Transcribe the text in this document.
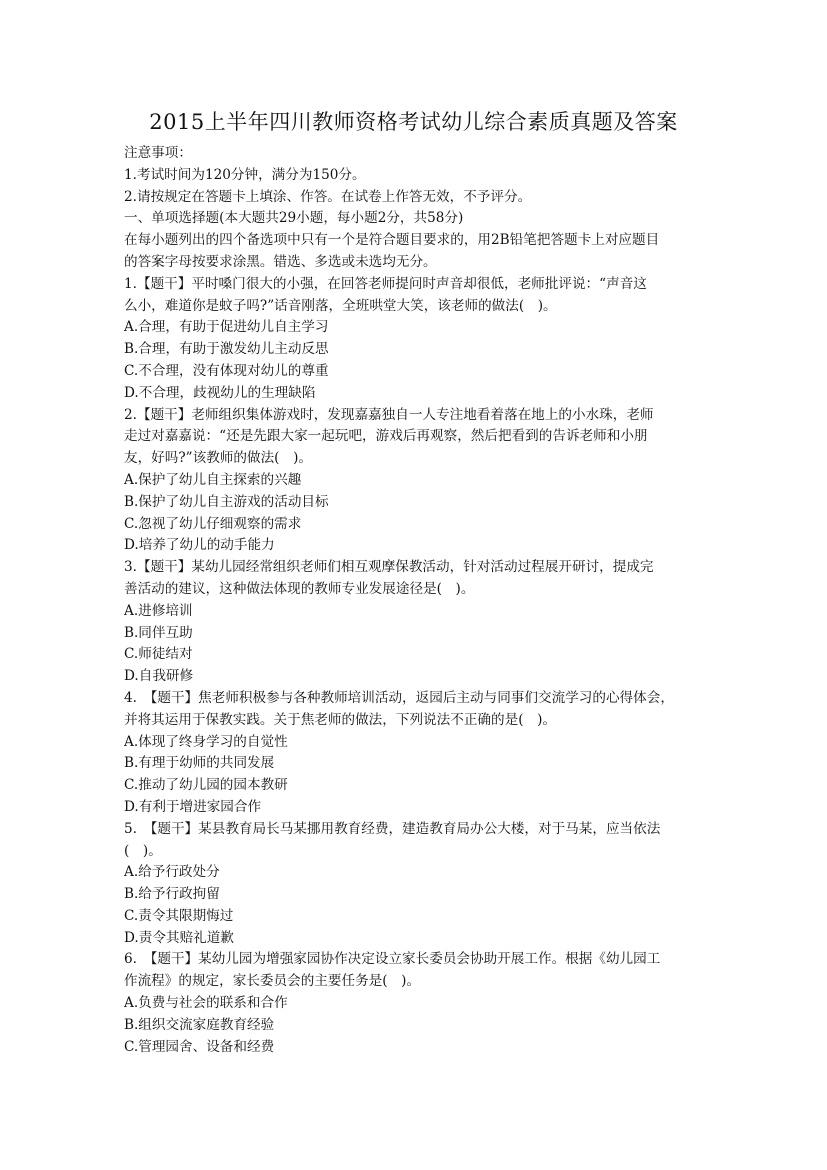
2015上半年四川教师资格考试幼儿综合素质真题及答案
注意事项：
1.考试时间为120分钟，满分为150分。
2.请按规定在答题卡上填涂、作答。在试卷上作答无效，不予评分。
一、单项选择题(本大题共29小题，每小题2分，共58分)
在每小题列出的四个备选项中只有一个是符合题目要求的，用2B铅笔把答题卡上对应题目
的答案字母按要求涂黑。错选、多选或未选均无分。
1.【题干】平时嗓门很大的小强，在回答老师提问时声音却很低，老师批评说：“声音这
么小，难道你是蚊子吗?”话音刚落，全班哄堂大笑，该老师的做法(　)。
A.合理，有助于促进幼儿自主学习
B.合理，有助于激发幼儿主动反思
C.不合理，没有体现对幼儿的尊重
D.不合理，歧视幼儿的生理缺陷
2.【题干】老师组织集体游戏时，发现嘉嘉独自一人专注地看着落在地上的小水珠，老师
走过对嘉嘉说：“还是先跟大家一起玩吧，游戏后再观察，然后把看到的告诉老师和小朋
友，好吗?”该教师的做法(　)。
A.保护了幼儿自主探索的兴趣
B.保护了幼儿自主游戏的活动目标
C.忽视了幼儿仔细观察的需求
D.培养了幼儿的动手能力
3.【题干】某幼儿园经常组织老师们相互观摩保教活动，针对活动过程展开研讨，提成完
善活动的建议，这种做法体现的教师专业发展途径是(　)。
A.进修培训
B.同伴互助
C.师徒结对
D.自我研修
4.　【题干】焦老师积极参与各种教师培训活动，返园后主动与同事们交流学习的心得体会，
并将其运用于保教实践。关于焦老师的做法，下列说法不正确的是(　)。
A.体现了终身学习的自觉性
B.有理于幼师的共同发展
C.推动了幼儿园的园本教研
D.有利于增进家园合作
5.　【题干】某县教育局长马某挪用教育经费，建造教育局办公大楼，对于马某，应当依法
(　)。
A.给予行政处分
B.给予行政拘留
C.责令其限期悔过
D.责令其赔礼道歉
6.　【题干】某幼儿园为增强家园协作决定设立家长委员会协助开展工作。根据《幼儿园工
作流程》的规定，家长委员会的主要任务是(　)。
A.负费与社会的联系和合作
B.组织交流家庭教育经验
C.管理园舍、设备和经费
